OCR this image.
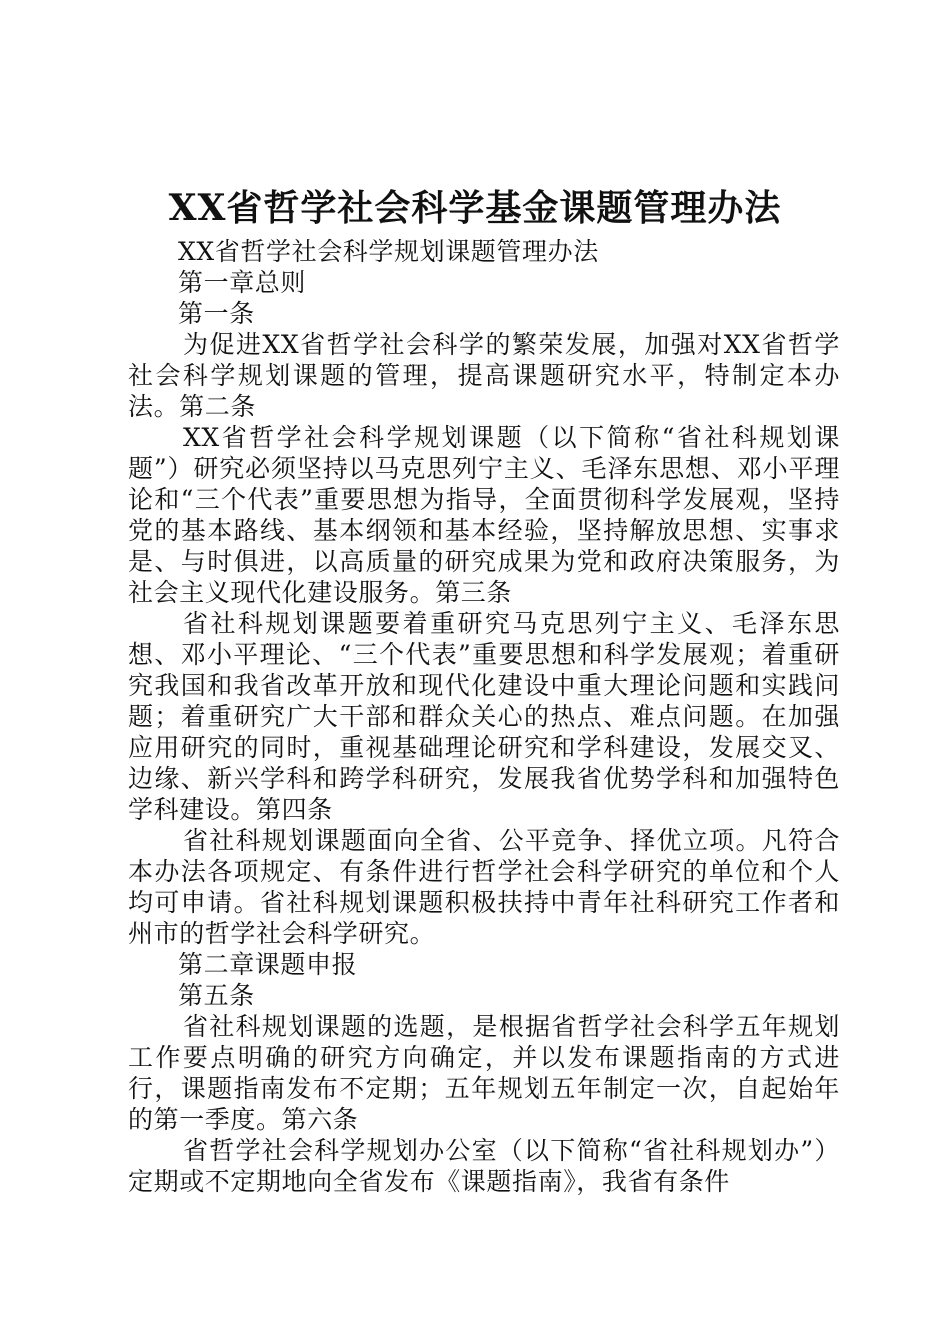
XX省哲学社会科学基金课题管理办法

XX省哲学社会科学规划课题管理办法

第一章总则

第一条

为促进XX省哲学社会科学的繁荣发展，加强对XX省哲学社会科学规划课题的管理，提高课题研究水平，特制定本办法。第二条

XX省哲学社会科学规划课题（以下简称“省社科规划课题”）研究必须坚持以马克思列宁主义、毛泽东思想、邓小平理论和“三个代表”重要思想为指导，全面贯彻科学发展观，坚持党的基本路线、基本纲领和基本经验，坚持解放思想、实事求是、与时俱进，以高质量的研究成果为党和政府决策服务，为社会主义现代化建设服务。第三条

省社科规划课题要着重研究马克思列宁主义、毛泽东思想、邓小平理论、“三个代表”重要思想和科学发展观；着重研究我国和我省改革开放和现代化建设中重大理论问题和实践问题；着重研究广大干部和群众关心的热点、难点问题。在加强应用研究的同时，重视基础理论研究和学科建设，发展交叉、边缘、新兴学科和跨学科研究，发展我省优势学科和加强特色学科建设。第四条

省社科规划课题面向全省、公平竞争、择优立项。凡符合本办法各项规定、有条件进行哲学社会科学研究的单位和个人均可申请。省社科规划课题积极扶持中青年社科研究工作者和州市的哲学社会科学研究。

第二章课题申报

第五条

省社科规划课题的选题，是根据省哲学社会科学五年规划工作要点明确的研究方向确定，并以发布课题指南的方式进行，课题指南发布不定期；五年规划五年制定一次，自起始年的第一季度。第六条

省哲学社会科学规划办公室（以下简称“省社科规划办”）定期或不定期地向全省发布《课题指南》，我省有条件
